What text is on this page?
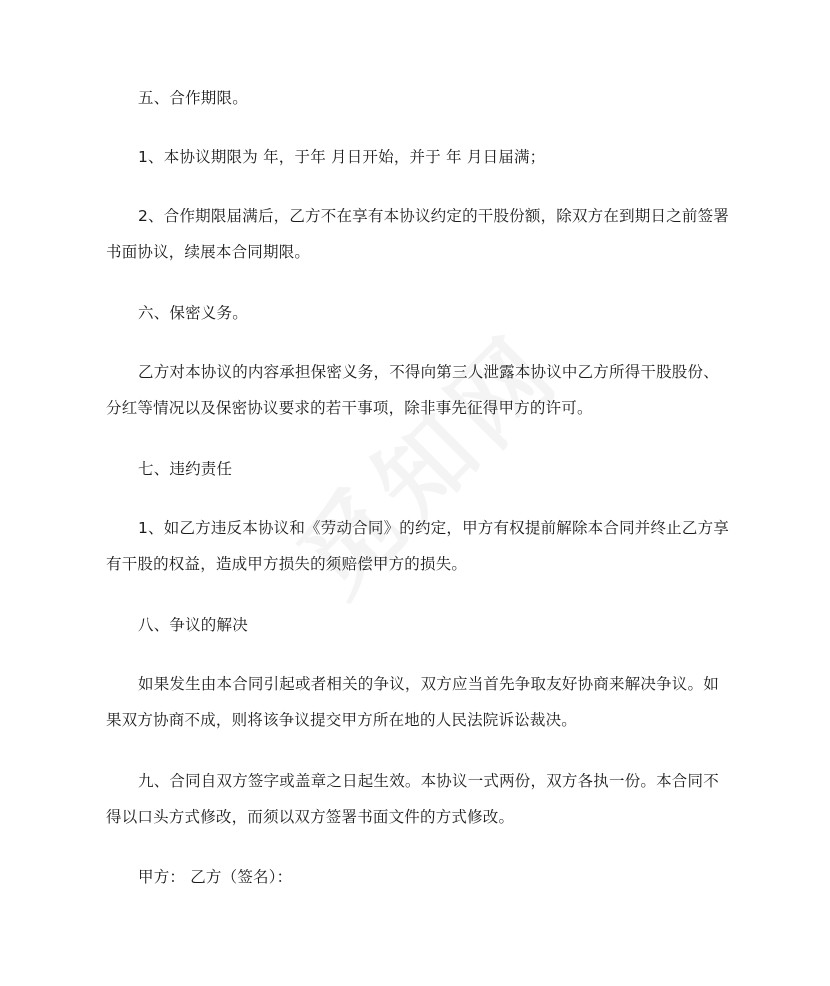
五、合作期限。
1、本协议期限为 年，于年 月日开始，并于 年 月日届满；
2、合作期限届满后，乙方不在享有本协议约定的干股份额，除双方在到期日之前签署
书面协议，续展本合同期限。
六、保密义务。
乙方对本协议的内容承担保密义务，不得向第三人泄露本协议中乙方所得干股股份、
分红等情况以及保密协议要求的若干事项，除非事先征得甲方的许可。
七、违约责任
1、如乙方违反本协议和《劳动合同》的约定，甲方有权提前解除本合同并终止乙方享
有干股的权益，造成甲方损失的须赔偿甲方的损失。
八、争议的解决
如果发生由本合同引起或者相关的争议，双方应当首先争取友好协商来解决争议。如
果双方协商不成，则将该争议提交甲方所在地的人民法院诉讼裁决。
九、合同自双方签字或盖章之日起生效。本协议一式两份，双方各执一份。本合同不
得以口头方式修改，而须以双方签署书面文件的方式修改。
甲方： 乙方（签名）：
